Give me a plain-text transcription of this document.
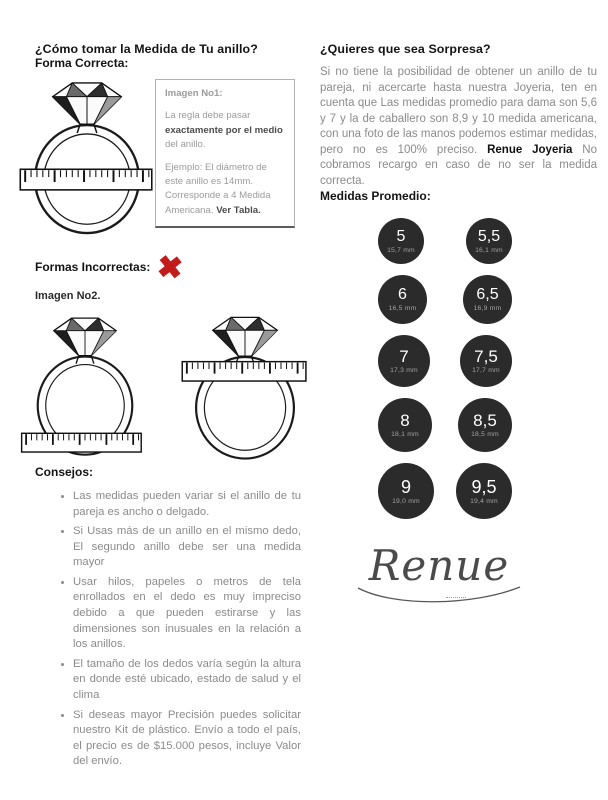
¿Cómo tomar la Medida de Tu anillo?
Forma Correcta:

Imagen No1:

La regla debe pasar exactamente por el medio del anillo.

Ejemplo: El diámetro de este anillo es 14mm. Corresponde a 4 Medida Americana. Ver Tabla.

Formas Incorrectas: ✖

Imagen No2.

Consejos:
• Las medidas pueden variar si el anillo de tu pareja es ancho o delgado.
• Si Usas más de un anillo en el mismo dedo, El segundo anillo debe ser una medida mayor
• Usar hilos, papeles o metros de tela enrollados en el dedo es muy impreciso debido a que pueden estirarse y las dimensiones son inusuales en la relación a los anillos.
• El tamaño de los dedos varía según la altura en donde esté ubicado, estado de salud y el clima
• Si deseas mayor Precisión puedes solicitar nuestro Kit de plástico. Envío a todo el país, el precio es de $15.000 pesos, incluye Valor del envío.
¿Quieres que sea Sorpresa?

Si no tiene la posibilidad de obtener un anillo de tu pareja, ni acercarte hasta nuestra Joyeria, ten en cuenta que Las medidas promedio para dama son 5,6 y 7 y la de caballero son 8,9 y 10 medida americana, con una foto de las manos podemos estimar medidas, pero no es 100% preciso. Renue Joyeria No cobramos recargo en caso de no ser la medida correcta.

Medidas Promedio:
5
15,7 mm
5,5
16,1 mm
6
16,5 mm
6,5
16,9 mm
7
17,3 mm
7,5
17,7 mm
8
18,1 mm
8,5
18,5 mm
9
19,0 mm
9,5
19,4 mm
Renue
